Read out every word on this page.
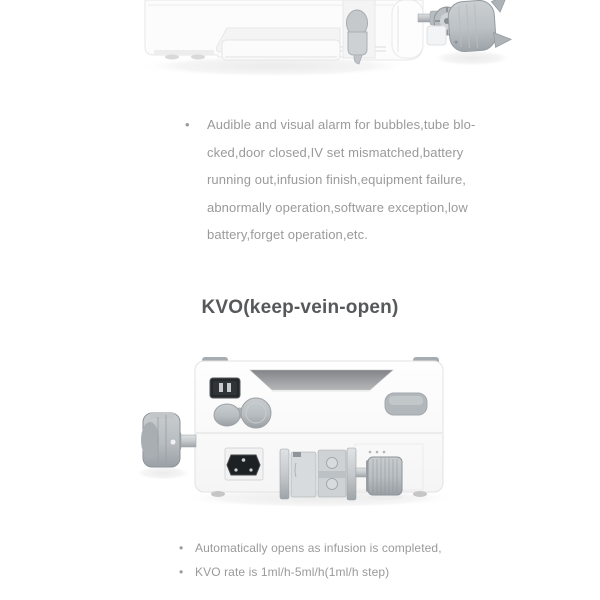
•	Audible and visual alarm for bubbles,tube blo-
cked,door closed,IV set mismatched,battery
running out,infusion finish,equipment failure,
abnormally operation,software exception,low
battery,forget operation,etc.
KVO(keep-vein-open)
• Automatically opens as infusion is completed,
• KVO rate is 1ml/h-5ml/h(1ml/h step)
